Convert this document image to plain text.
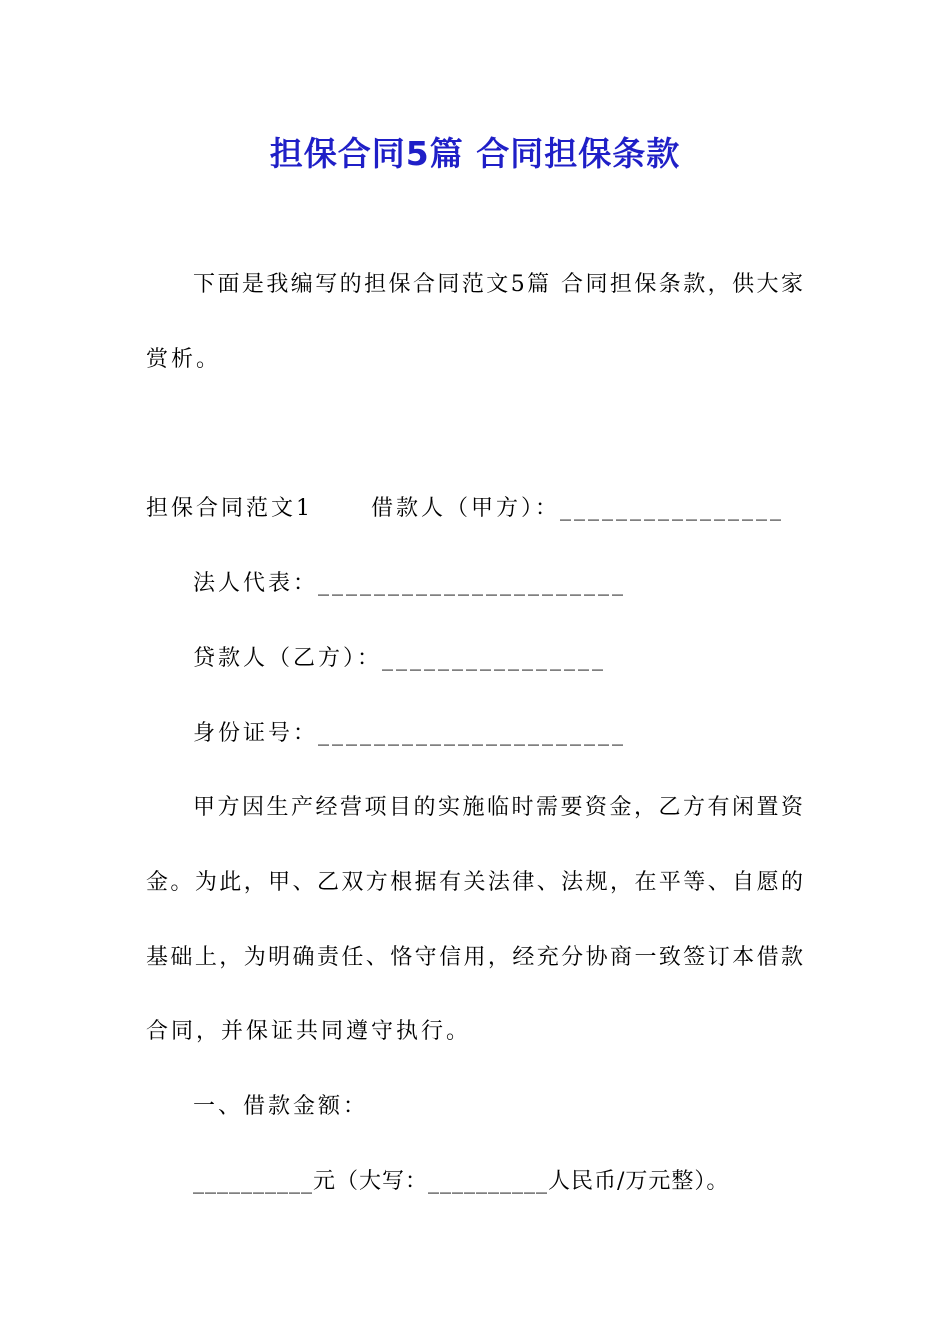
担保合同5篇 合同担保条款
下面是我编写的担保合同范文5篇 合同担保条款，供大家
赏析。
担保合同范文1	借款人（甲方）：________________
法人代表：______________________
贷款人（乙方）：________________
身份证号：______________________
甲方因生产经营项目的实施临时需要资金，乙方有闲置资
金。为此，甲、乙双方根据有关法律、法规，在平等、自愿的
基础上，为明确责任、恪守信用，经充分协商一致签订本借款
合同，并保证共同遵守执行。
一、借款金额：
__________元（大写：__________人民币/万元整）。
